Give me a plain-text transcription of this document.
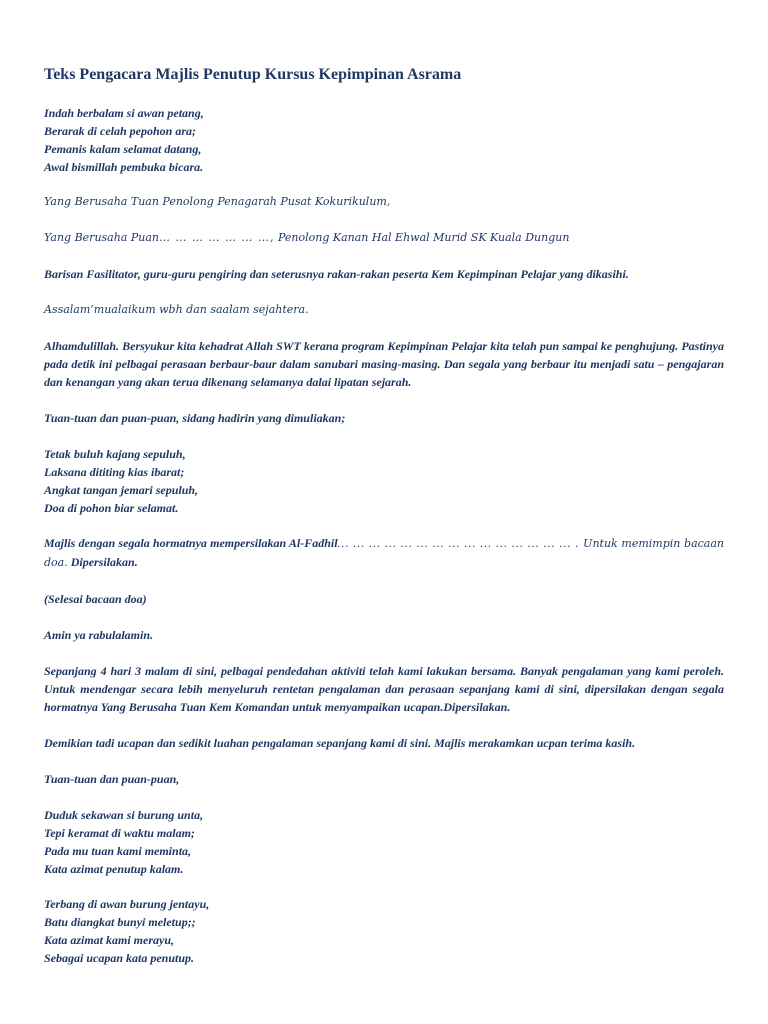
Teks Pengacara Majlis Penutup Kursus Kepimpinan Asrama
Indah berbalam si awan petang,
Berarak di celah pepohon ara;
Pemanis kalam selamat datang,
Awal bismillah pembuka bicara.
Yang Berusaha Tuan Penolong Penagarah Pusat Kokurikulum,
Yang Berusaha Puan… … … … … … …, Penolong Kanan Hal Ehwal Murid SK Kuala Dungun
Barisan Fasilitator, guru-guru pengiring dan seterusnya rakan-rakan peserta Kem Kepimpinan Pelajar yang dikasihi.
Assalam’mualaikum wbh dan saalam sejahtera.
Alhamdulillah. Bersyukur kita kehadrat Allah SWT kerana program Kepimpinan Pelajar kita telah pun sampai ke penghujung. Pastinya pada detik ini pelbagai perasaan berbaur-baur dalam sanubari masing-masing. Dan segala yang berbaur itu menjadi satu – pengajaran dan kenangan yang akan terua dikenang selamanya dalai lipatan sejarah.
Tuan-tuan dan puan-puan, sidang hadirin yang dimuliakan;
Tetak buluh kajang sepuluh,
Laksana dititing kias ibarat;
Angkat tangan jemari sepuluh,
Doa di pohon biar selamat.
Majlis dengan segala hormatnya mempersilakan Al-Fadhil… … … … … … … … … … … … … … … . Untuk memimpin bacaan doa. Dipersilakan.
(Selesai bacaan doa)
Amin ya rabulalamin.
Sepanjang 4 hari 3 malam di sini, pelbagai pendedahan aktiviti telah kami lakukan bersama. Banyak pengalaman yang kami peroleh. Untuk mendengar secara lebih menyeluruh rentetan pengalaman dan perasaan sepanjang kami di sini, dipersilakan dengan segala hormatnya Yang Berusaha Tuan Kem Komandan untuk menyampaikan ucapan.Dipersilakan.
Demikian tadi ucapan dan sedikit luahan pengalaman sepanjang kami di sini. Majlis merakamkan ucpan terima kasih.
Tuan-tuan dan puan-puan,
Duduk sekawan si burung unta,
Tepi keramat di waktu malam;
Pada mu tuan kami meminta,
Kata azimat penutup kalam.
Terbang di awan burung jentayu,
Batu diangkat bunyi meletup;;
Kata azimat kami merayu,
Sebagai ucapan kata penutup.
